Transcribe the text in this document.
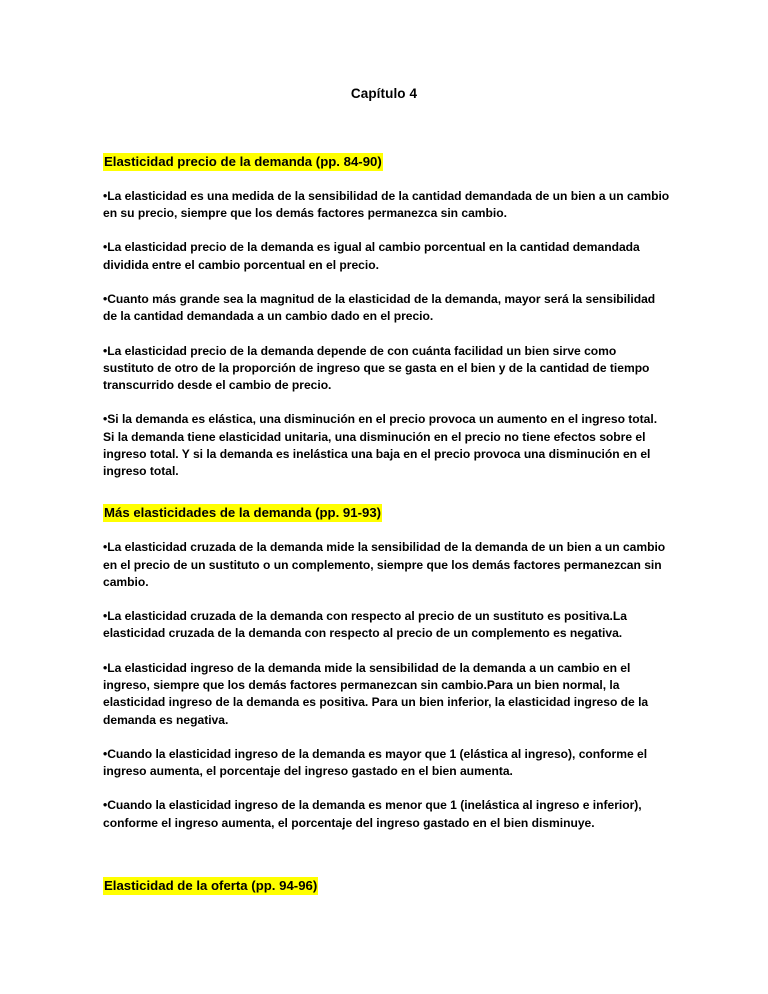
Capítulo 4
Elasticidad precio de la demanda (pp. 84-90)

•La elasticidad es una medida de la sensibilidad de la cantidad demandada de un bien a un cambio en su precio, siempre que los demás factores permanezca sin cambio.

•La elasticidad precio de la demanda es igual al cambio porcentual en la cantidad demandada dividida entre el cambio porcentual en el precio.

•Cuanto más grande sea la magnitud de la elasticidad de la demanda, mayor será la sensibilidad de la cantidad demandada a un cambio dado en el precio.

•La elasticidad precio de la demanda depende de con cuánta facilidad un bien sirve como sustituto de otro de la proporción de ingreso que se gasta en el bien y de la cantidad de tiempo transcurrido desde el cambio de precio.

•Si la demanda es elástica, una disminución en el precio provoca un aumento en el ingreso total. Si la demanda tiene elasticidad unitaria, una disminución en el precio no tiene efectos sobre el ingreso total. Y si la demanda es inelástica una baja en el precio provoca una disminución en el ingreso total.

Más elasticidades de la demanda (pp. 91-93)

•La elasticidad cruzada de la demanda mide la sensibilidad de la demanda de un bien a un cambio en el precio de un sustituto o un complemento, siempre que los demás factores permanezcan sin cambio.

•La elasticidad cruzada de la demanda con respecto al precio de un sustituto es positiva.La elasticidad cruzada de la demanda con respecto al precio de un complemento es negativa.

•La elasticidad ingreso de la demanda mide la sensibilidad de la demanda a un cambio en el ingreso, siempre que los demás factores permanezcan sin cambio.Para un bien normal, la elasticidad ingreso de la demanda es positiva. Para un bien inferior, la elasticidad ingreso de la demanda es negativa.

•Cuando la elasticidad ingreso de la demanda es mayor que 1 (elástica al ingreso), conforme el ingreso aumenta, el porcentaje del ingreso gastado en el bien aumenta.

•Cuando la elasticidad ingreso de la demanda es menor que 1 (inelástica al ingreso e inferior), conforme el ingreso aumenta, el porcentaje del ingreso gastado en el bien disminuye.

Elasticidad de la oferta (pp. 94-96)
